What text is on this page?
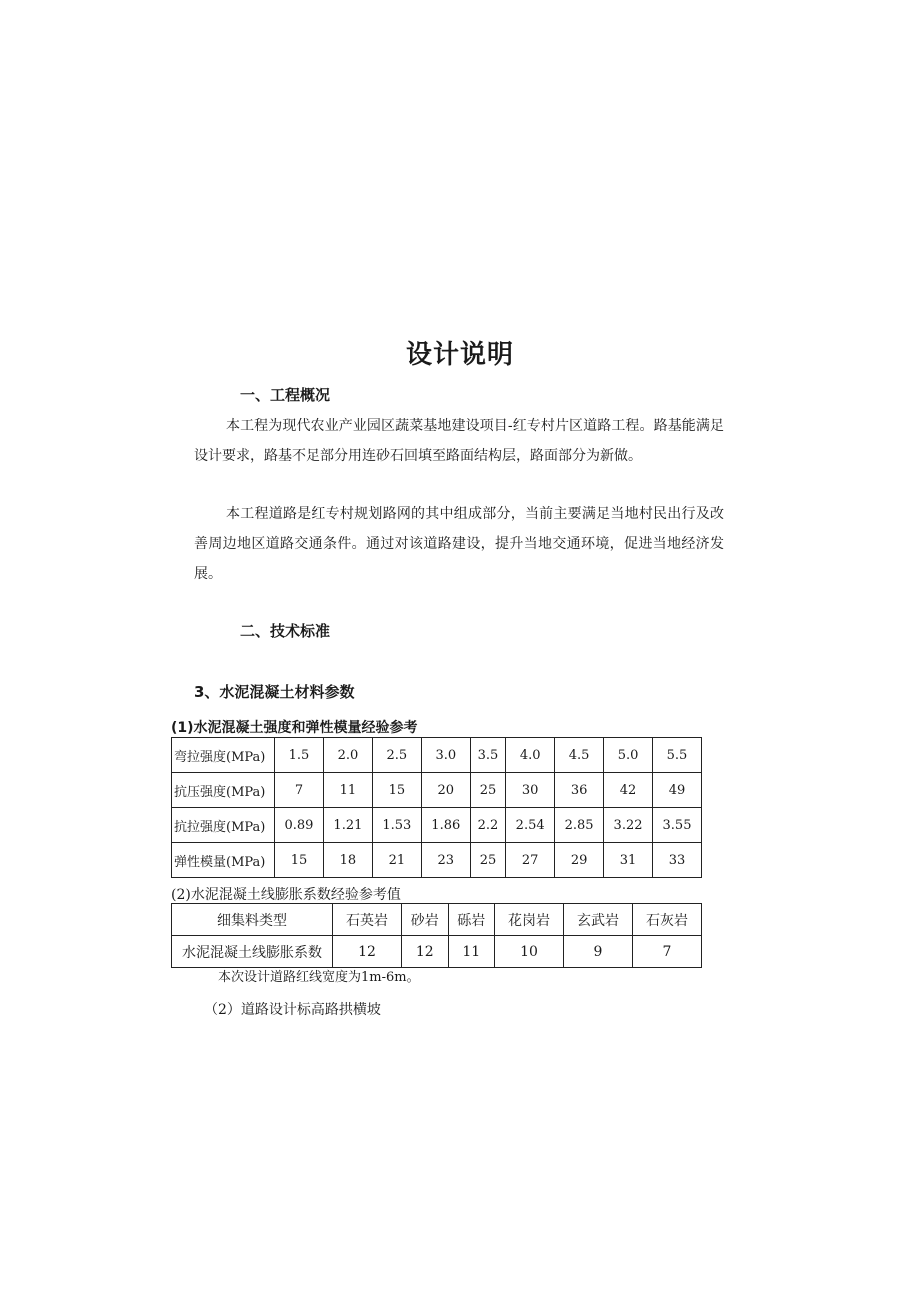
设计说明
一、工程概况

本工程为现代农业产业园区蔬菜基地建设项目-红专村片区道路工程。路基能满足设计要求，路基不足部分用连砂石回填至路面结构层，路面部分为新做。

本工程道路是红专村规划路网的其中组成部分，当前主要满足当地村民出行及改善周边地区道路交通条件。通过对该道路建设，提升当地交通环境，促进当地经济发展。

二、技术标准
3、水泥混凝土材料参数
(1)水泥混凝土强度和弹性模量经验参考
弯拉强度(MPa)	1.5	2.0	2.5	3.0	3.5	4.0	4.5	5.0	5.5
抗压强度(MPa)	7	11	15	20	25	30	36	42	49
抗拉强度(MPa)	0.89	1.21	1.53	1.86	2.2	2.54	2.85	3.22	3.55
弹性模量(MPa)	15	18	21	23	25	27	29	31	33
(2)水泥混凝土线膨胀系数经验参考值
细集料类型	石英岩	砂岩	砾岩	花岗岩	玄武岩	石灰岩
水泥混凝土线膨胀系数	12	12	11	10	9	7
本次设计道路红线宽度为1m-6m。
（2）道路设计标高路拱横坡
